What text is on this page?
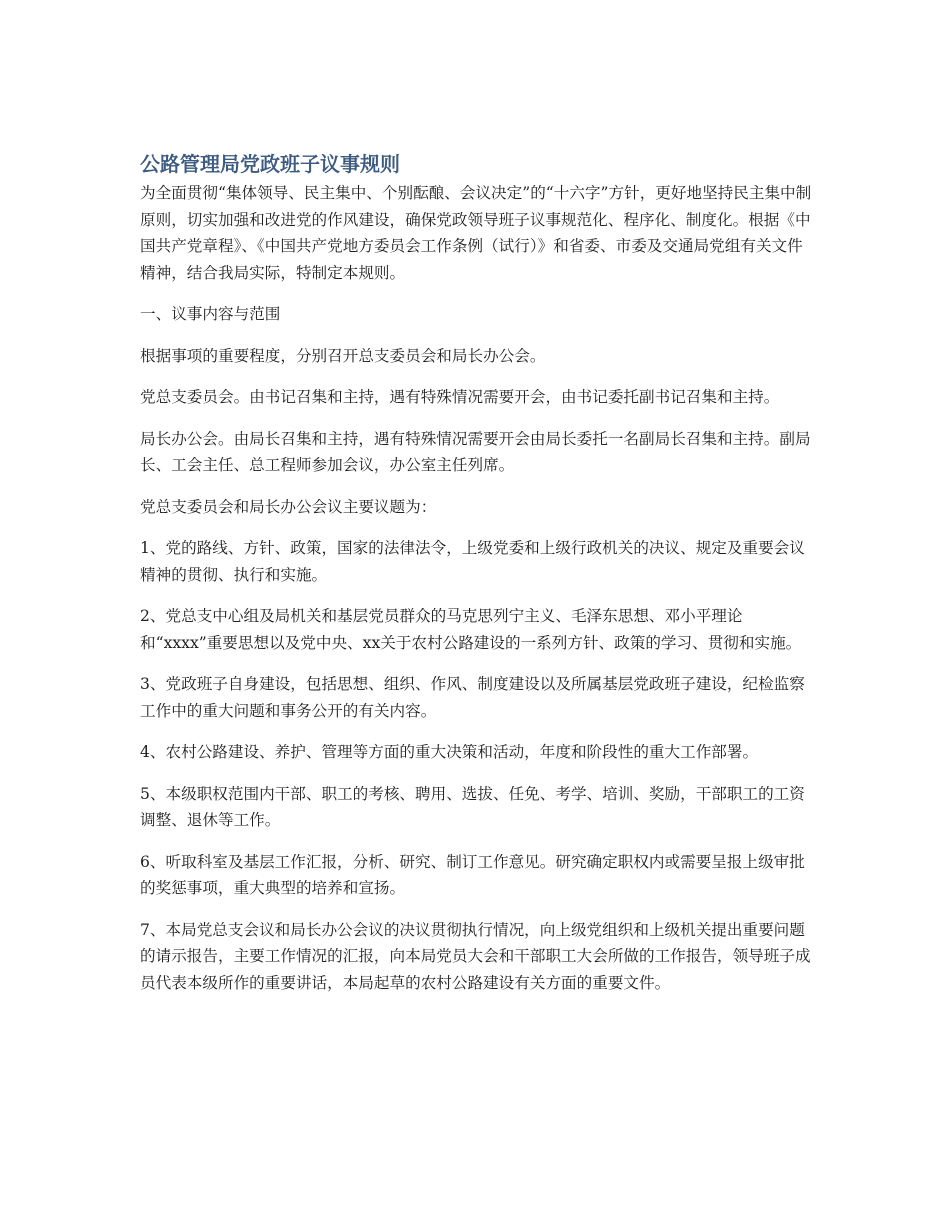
公路管理局党政班子议事规则

为全面贯彻“集体领导、民主集中、个别酝酿、会议决定”的“十六字”方针，更好地坚持民主集中制原则，切实加强和改进党的作风建设，确保党政领导班子议事规范化、程序化、制度化。根据《中国共产党章程》、《中国共产党地方委员会工作条例（试行）》和省委、市委及交通局党组有关文件精神，结合我局实际，特制定本规则。

一、议事内容与范围

根据事项的重要程度，分别召开总支委员会和局长办公会。

党总支委员会。由书记召集和主持，遇有特殊情况需要开会，由书记委托副书记召集和主持。

局长办公会。由局长召集和主持，遇有特殊情况需要开会由局长委托一名副局长召集和主持。副局长、工会主任、总工程师参加会议，办公室主任列席。

党总支委员会和局长办公会议主要议题为：

1、党的路线、方针、政策，国家的法律法令，上级党委和上级行政机关的决议、规定及重要会议精神的贯彻、执行和实施。

2、党总支中心组及局机关和基层党员群众的马克思列宁主义、毛泽东思想、邓小平理论和“xxxx”重要思想以及党中央、xx关于农村公路建设的一系列方针、政策的学习、贯彻和实施。

3、党政班子自身建设，包括思想、组织、作风、制度建设以及所属基层党政班子建设，纪检监察工作中的重大问题和事务公开的有关内容。

4、农村公路建设、养护、管理等方面的重大决策和活动，年度和阶段性的重大工作部署。

5、本级职权范围内干部、职工的考核、聘用、选拔、任免、考学、培训、奖励，干部职工的工资调整、退休等工作。

6、听取科室及基层工作汇报，分析、研究、制订工作意见。研究确定职权内或需要呈报上级审批的奖惩事项，重大典型的培养和宣扬。

7、本局党总支会议和局长办公会议的决议贯彻执行情况，向上级党组织和上级机关提出重要问题的请示报告，主要工作情况的汇报，向本局党员大会和干部职工大会所做的工作报告，领导班子成员代表本级所作的重要讲话，本局起草的农村公路建设有关方面的重要文件。
